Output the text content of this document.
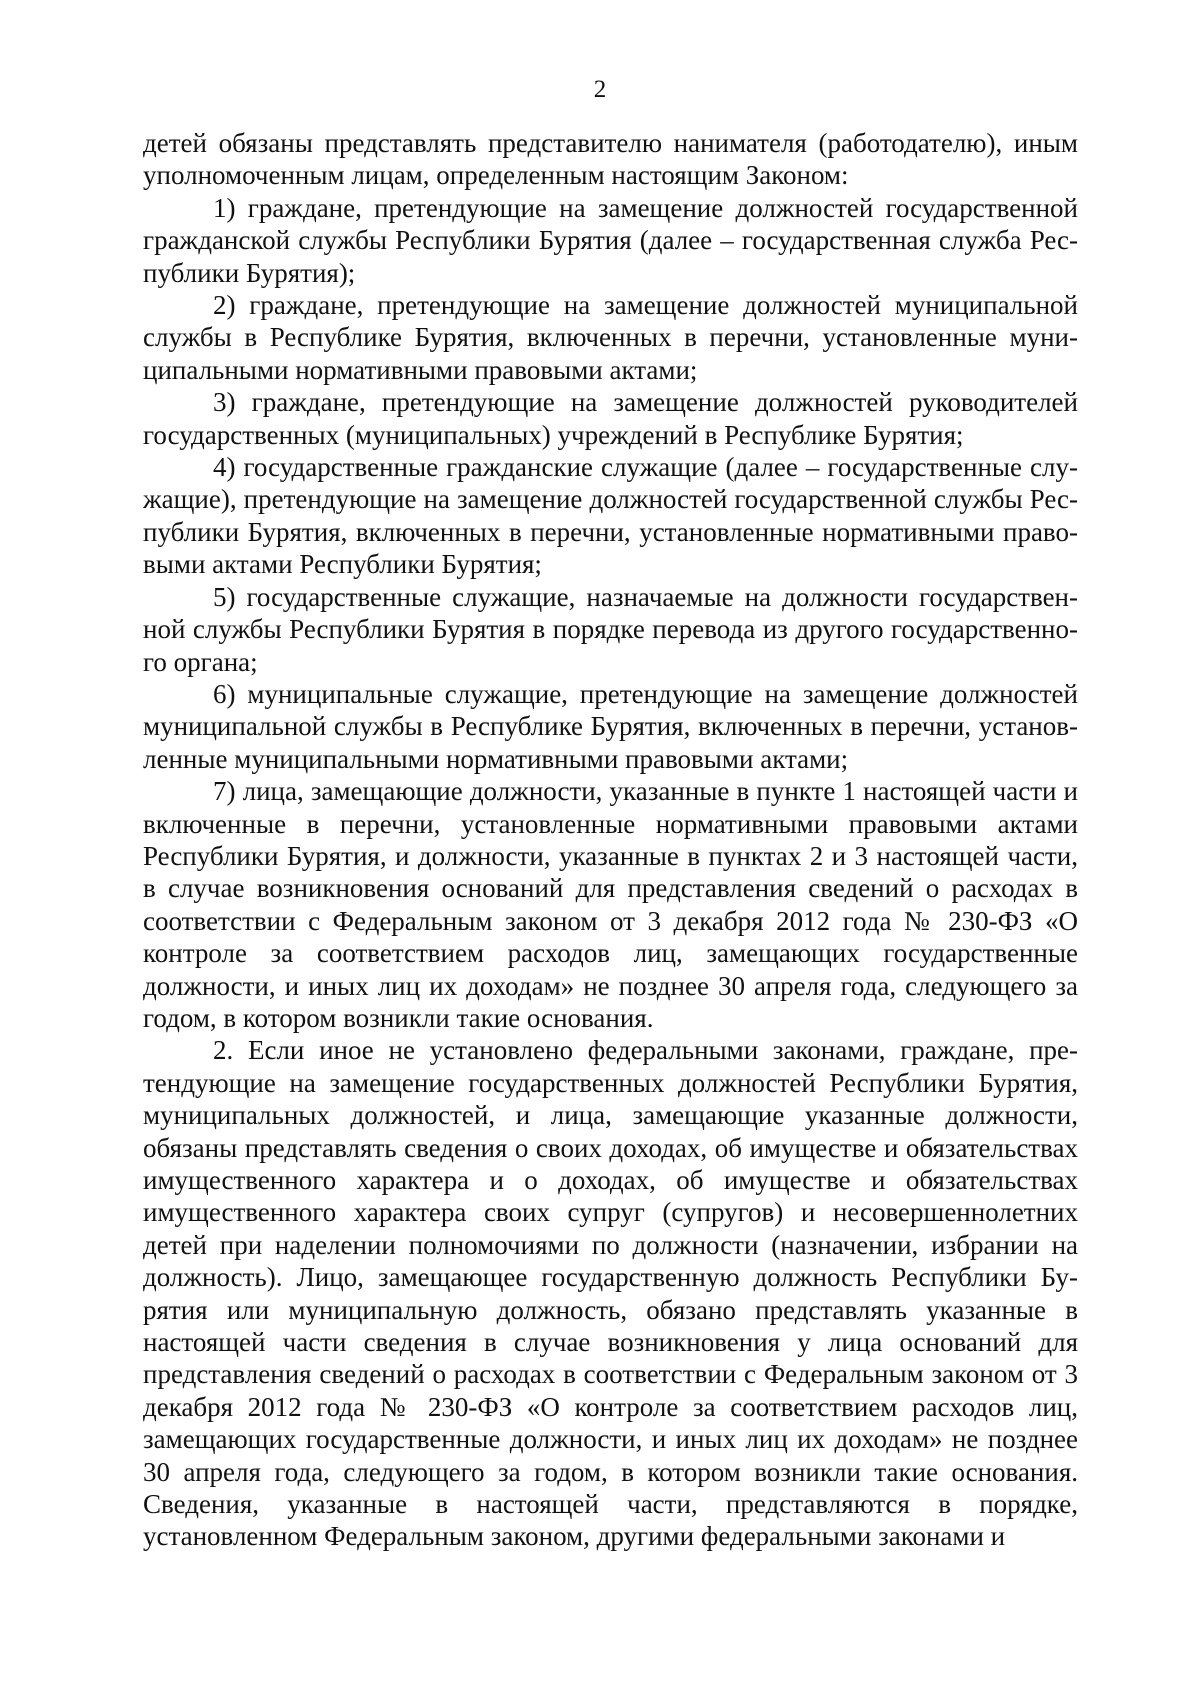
2

детей обязаны представлять представителю нанимателя (работодателю), иным уполномоченным лицам, определенным настоящим Законом:

1) граждане, претендующие на замещение должностей государственной гражданской службы Республики Бурятия (далее – государственная служба Республики Бурятия);

2) граждане, претендующие на замещение должностей муниципальной службы в Республике Бурятия, включенных в перечни, установленные муниципальными нормативными правовыми актами;

3) граждане, претендующие на замещение должностей руководителей государственных (муниципальных) учреждений в Республике Бурятия;

4) государственные гражданские служащие (далее – государственные служащие), претендующие на замещение должностей государственной службы Республики Бурятия, включенных в перечни, установленные нормативными правовыми актами Республики Бурятия;

5) государственные служащие, назначаемые на должности государственной службы Республики Бурятия в порядке перевода из другого государственного органа;

6) муниципальные служащие, претендующие на замещение должностей муниципальной службы в Республике Бурятия, включенных в перечни, установленные муниципальными нормативными правовыми актами;

7) лица, замещающие должности, указанные в пункте 1 настоящей части и включенные в перечни, установленные нормативными правовыми актами Республики Бурятия, и должности, указанные в пунктах 2 и 3 настоящей части, в случае возникновения оснований для представления сведений о расходах в соответствии с Федеральным законом от 3 декабря 2012 года № 230-ФЗ «О контроле за соответствием расходов лиц, замещающих государственные должности, и иных лиц их доходам» не позднее 30 апреля года, следующего за годом, в котором возникли такие основания.

2. Если иное не установлено федеральными законами, граждане, претендующие на замещение государственных должностей Республики Бурятия, муниципальных должностей, и лица, замещающие указанные должности, обязаны представлять сведения о своих доходах, об имуществе и обязательствах имущественного характера и о доходах, об имуществе и обязательствах имущественного характера своих супруг (супругов) и несовершеннолетних детей при наделении полномочиями по должности (назначении, избрании на должность). Лицо, замещающее государственную должность Республики Бурятия или муниципальную должность, обязано представлять указанные в настоящей части сведения в случае возникновения у лица оснований для представления сведений о расходах в соответствии с Федеральным законом от 3 декабря 2012 года № 230-ФЗ «О контроле за соответствием расходов лиц, замещающих государственные должности, и иных лиц их доходам» не позднее 30 апреля года, следующего за годом, в котором возникли такие основания. Сведения, указанные в настоящей части, представляются в порядке, установленном Федеральным законом, другими федеральными законами и
